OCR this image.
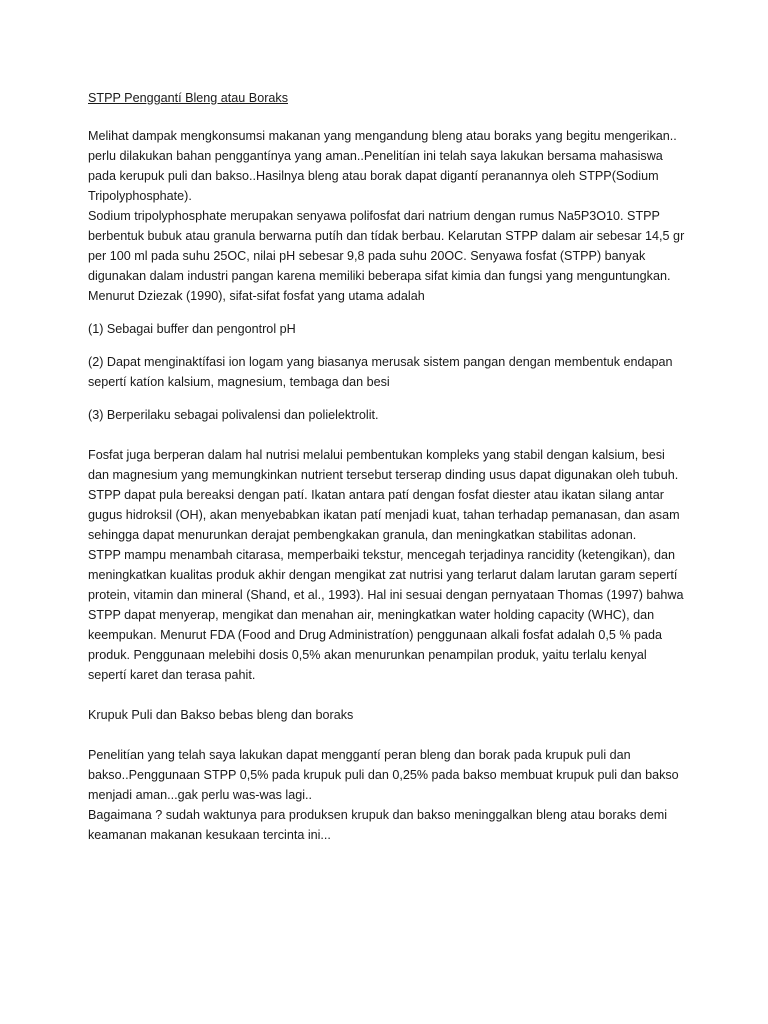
STPP Penggantí Bleng atau Boraks

Melihat dampak mengkonsumsi makanan yang mengandung bleng atau boraks yang begitu mengerikan.. perlu dilakukan bahan penggantínya yang aman..Penelitían ini telah saya lakukan bersama mahasiswa pada kerupuk puli dan bakso..Hasilnya bleng atau borak dapat digantí peranannya oleh STPP(Sodium Tripolyphosphate).

Sodium tripolyphosphate merupakan senyawa polifosfat dari natrium dengan rumus Na5P3O10. STPP berbentuk bubuk atau granula berwarna putíh dan tídak berbau. Kelarutan STPP dalam air sebesar 14,5 gr per 100 ml pada suhu 25OC, nilai pH sebesar 9,8 pada suhu 20OC. Senyawa fosfat (STPP) banyak digunakan dalam industri pangan karena memiliki beberapa sifat kimia dan fungsi yang menguntungkan. Menurut Dziezak (1990), sifat-sifat fosfat yang utama adalah

(1) Sebagai buffer dan pengontrol pH

(2) Dapat menginaktífasi ion logam yang biasanya merusak sistem pangan dengan membentuk endapan sepertí katíon kalsium, magnesium, tembaga dan besi

(3) Berperilaku sebagai polivalensi dan polielektrolit.

Fosfat juga berperan dalam hal nutrisi melalui pembentukan kompleks yang stabil dengan kalsium, besi dan magnesium yang memungkinkan nutrient tersebut terserap dinding usus dapat digunakan oleh tubuh.

STPP dapat pula bereaksi dengan patí. Ikatan antara patí dengan fosfat diester atau ikatan silang antar gugus hidroksil (OH), akan menyebabkan ikatan patí menjadi kuat, tahan terhadap pemanasan, dan asam sehingga dapat menurunkan derajat pembengkakan granula, dan meningkatkan stabilitas adonan.

STPP mampu menambah citarasa, memperbaiki tekstur, mencegah terjadinya rancidity (ketengikan), dan meningkatkan kualitas produk akhir dengan mengikat zat nutrisi yang terlarut dalam larutan garam sepertí protein, vitamin dan mineral (Shand, et al., 1993). Hal ini sesuai dengan pernyataan Thomas (1997) bahwa STPP dapat menyerap, mengikat dan menahan air, meningkatkan water holding capacity (WHC), dan keempukan. Menurut FDA (Food and Drug Administratíon) penggunaan alkali fosfat adalah 0,5 % pada produk. Penggunaan melebihi dosis 0,5% akan menurunkan penampilan produk, yaitu terlalu kenyal sepertí karet dan terasa pahit.

Krupuk Puli dan Bakso bebas bleng dan boraks

Penelitían yang telah saya lakukan dapat menggantí peran bleng dan borak pada krupuk puli dan bakso..Penggunaan STPP 0,5% pada krupuk puli dan 0,25% pada bakso membuat krupuk puli dan bakso menjadi aman...gak perlu was-was lagi..

Bagaimana ? sudah waktunya para produksen krupuk dan bakso meninggalkan bleng atau boraks demi keamanan makanan kesukaan tercinta ini...
